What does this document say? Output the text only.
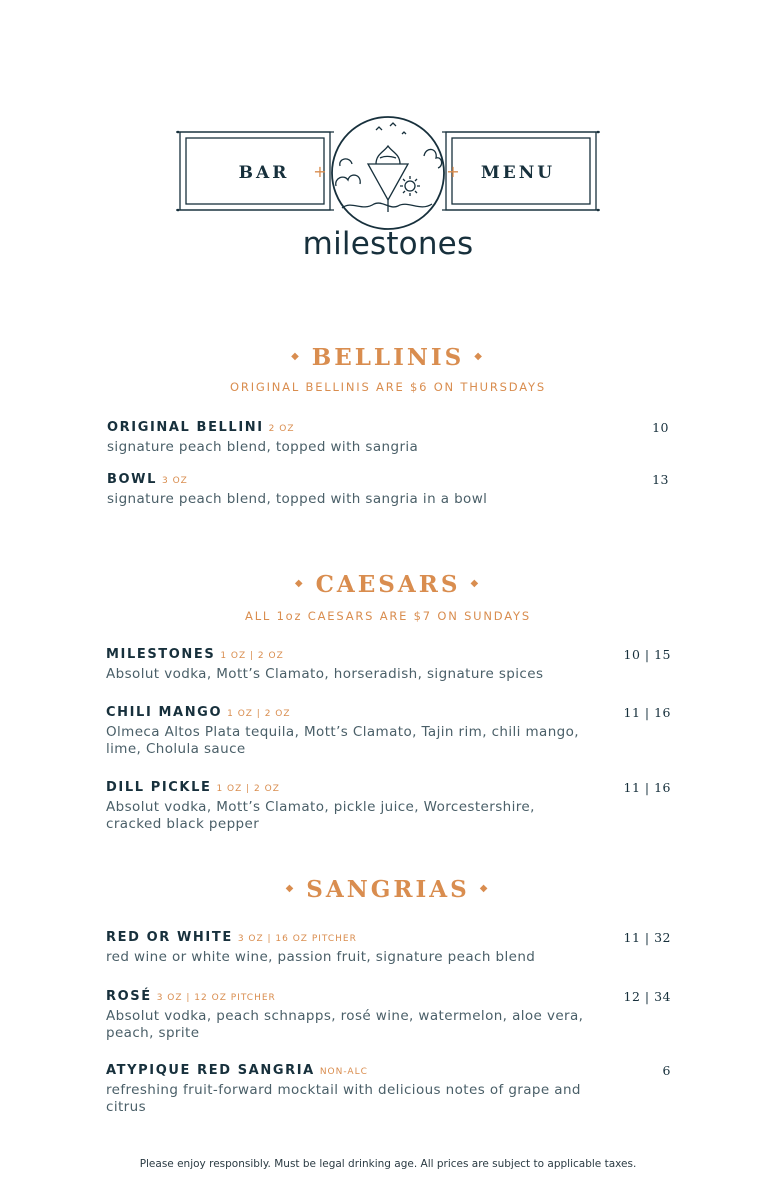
BAR +	+ MENU
milestones
◆ BELLINIS ◆
ORIGINAL BELLINIS ARE $6 ON THURSDAYS
ORIGINAL BELLINI 2 OZ	10
signature peach blend, topped with sangria
BOWL 3 OZ	13
signature peach blend, topped with sangria in a bowl
◆ CAESARS ◆
ALL 1oz CAESARS ARE $7 ON SUNDAYS
MILESTONES 1 OZ | 2 OZ	10 | 15
Absolut vodka, Mott’s Clamato, horseradish, signature spices
CHILI MANGO 1 OZ | 2 OZ	11 | 16
Olmeca Altos Plata tequila, Mott’s Clamato, Tajin rim, chili mango, lime, Cholula sauce
DILL PICKLE 1 OZ | 2 OZ	11 | 16
Absolut vodka, Mott’s Clamato, pickle juice, Worcestershire, cracked black pepper
◆ SANGRIAS ◆
RED OR WHITE 3 OZ | 16 OZ PITCHER	11 | 32
red wine or white wine, passion fruit, signature peach blend
ROSÉ 3 OZ | 12 OZ PITCHER	12 | 34
Absolut vodka, peach schnapps, rosé wine, watermelon, aloe vera, peach, sprite
ATYPIQUE RED SANGRIA NON-ALC	6
refreshing fruit-forward mocktail with delicious notes of grape and citrus
Please enjoy responsibly. Must be legal drinking age. All prices are subject to applicable taxes.
